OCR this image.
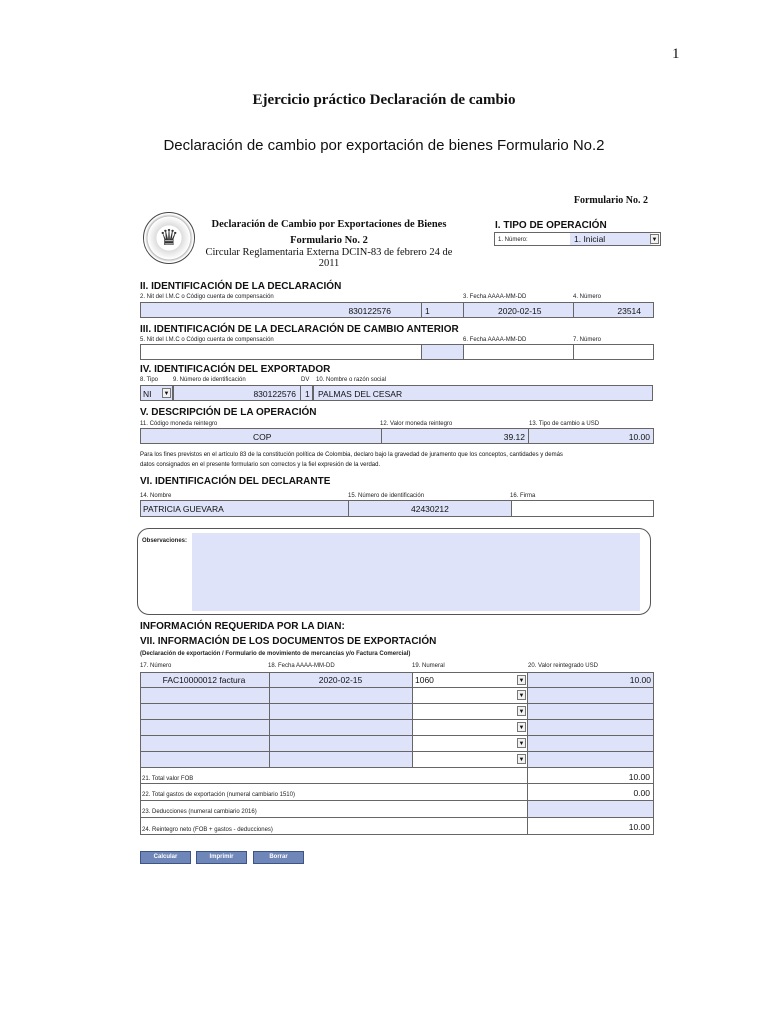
1
Ejercicio práctico Declaración de cambio
Declaración de cambio por exportación de bienes Formulario No.2
Formulario No. 2
♛
Declaración de Cambio por Exportaciones de Bienes
Formulario No. 2
Circular Reglamentaria Externa DCIN-83 de febrero 24 de 2011
I. TIPO DE OPERACIÓN
1. Número:	1. Inicial	▼
II. IDENTIFICACIÓN DE LA DECLARACIÓN
2. Nit del I.M.C o Código cuenta de compensación	3. Fecha AAAA-MM-DD	4. Número
830122576	1	2020-02-15	23514
III. IDENTIFICACIÓN DE LA DECLARACIÓN DE CAMBIO ANTERIOR
5. Nit del I.M.C o Código cuenta de compensación	6. Fecha AAAA-MM-DD	7. Número
IV. IDENTIFICACIÓN DEL EXPORTADOR
8. Tipo 9. Número de identificación	DV 10. Nombre o razón social
NI ▼	830122576 1 PALMAS DEL CESAR
V. DESCRIPCIÓN DE LA OPERACIÓN
11. Código moneda reintegro	12. Valor moneda reintegro	13. Tipo de cambio a USD
COP	39.12	10.00
Para los fines previstos en el artículo 83 de la constitución política de Colombia, declaro bajo la gravedad de juramento que los conceptos, cantidades y demás
datos consignados en el presente formulario son correctos y la fiel expresión de la verdad.
VI. IDENTIFICACIÓN DEL DECLARANTE
14. Nombre	15. Número de identificación	16. Firma
PATRICIA GUEVARA	42430212
Observaciones:
INFORMACIÓN REQUERIDA POR LA DIAN:
VII. INFORMACIÓN DE LOS DOCUMENTOS DE EXPORTACIÓN
(Declaración de exportación / Formulario de movimiento de mercancías y/o Factura Comercial)
17. Número	18. Fecha AAAA-MM-DD	19. Numeral	20. Valor reintegrado USD
FAC10000012 factura	2020-02-15	1060	▼	10.00
▼
▼
▼
▼
▼
21. Total valor FOB	10.00
22. Total gastos de exportación (numeral cambiario 1510)	0.00
23. Deducciones (numeral cambiario 2016)
24. Reintegro neto (FOB + gastos - deducciones)	10.00
Calcular	Imprimir	Borrar
